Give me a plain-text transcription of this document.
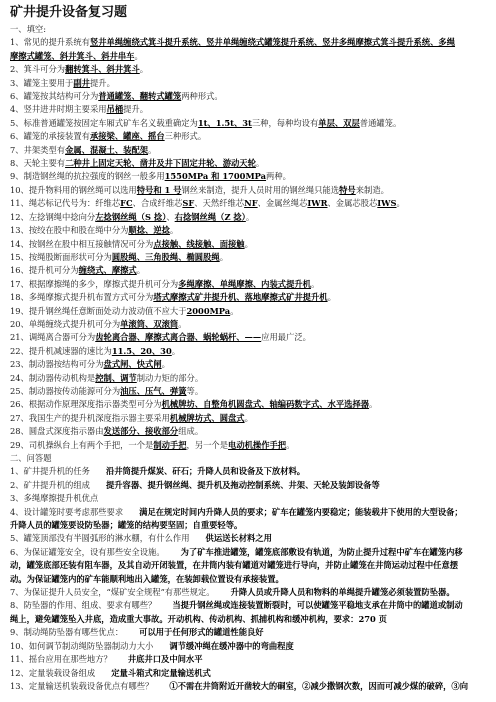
矿井提升设备复习题
一、填空:
1、常见的提升系统有竖井单绳缠绕式箕斗提升系统、竖井单绳缠绕式罐笼提升系统、竖井多绳摩擦式箕斗提升系统、多绳
摩擦式罐笼、斜井箕斗、斜井串车。
2、箕斗可分为翻转箕斗、斜井箕斗。
3、罐笼主要用于副井提升。
6、罐笼按其结构可分为普通罐笼、翻转式罐笼两种形式。
4、竖井进井时期主要采用吊桶提升。
5、标准普通罐笼按固定车厢式矿车名义载重确定为1t、1.5t、3t三种，每种均设有单层、双层普通罐笼。
6、罐笼的承接装置有承接梁、罐座、摇台三种形式。
7、井架类型有金属、混凝土、装配架。
8、天轮主要有二种井上固定天轮、凿井及井下固定井轮、游动天轮。
9、制造钢丝绳的抗拉强度的钢丝一般多用1550MPa 和 1700MPa两种。
10、提升物料用的钢丝绳可以选用特号和 1 号钢丝来制造，提升人员时用的钢丝绳只能选特号来制造。
11、绳芯标记代号为：纤维芯FC、合成纤维芯SF、天然纤维芯NF、金属丝绳芯IWR、金属芯股芯IWS。
12、左捻钢绳中捻向分左捻钢丝绳（S 捻）、右捻钢丝绳（Z 捻）。
13、按绞在股中和股在绳中分为顺捻、逆捻。
14、按钢丝在股中相互接触情况可分为点接触、线接触、面接触。
15、按绳股断面形状可分为圆股绳、三角股绳、椭圆股绳。
16、提升机可分为缠绕式、摩擦式。
17、根据摩擦绳的多少，摩擦式提升机可分为多绳摩擦、单绳摩擦、内装式提升机。
18、多绳摩擦式提升机布置方式可分为塔式摩擦式矿井提升机、落地摩擦式矿井提升机。
19、提升钢丝绳任意断面处动力波动值不应大于2000MPa。
20、单绳缠绕式提升机可分为单滚筒、双滚筒。
21、调绳离合器可分为齿轮离合器、摩擦式离合器、蜗轮蜗杆、——应用最广泛。
22、提升机减速器的速比为11.5、20、30。
23、制动器按结构可分为盘式闸、快式闸。
24、制动器传动机构是控制、调节制动力矩的部分。
25、制动器按传动能源可分为油压、压气、弹簧等。
26、根据动作原理深度指示器类型可分为机械牌坊、自整角机圆盘式、轴编码数字式、水平选择器。
27、我国生产的提升机深度指示器主要采用机械牌坊式、圆盘式。
28、圆盘式深度指示器由发送部分、接收部分组成。
29、司机操纵台上有两个手把，一个是制动手把，另一个是电动机操作手把。
二、问答题
1、矿井提升机的任务 沿井筒提升煤炭、矸石；升降人员和设备及下放材料。
2、矿井提升机的组成 提升容器、提升钢丝绳、提升机及拖动控制系统、井架、天轮及装卸设备等
3、多绳摩擦提升机优点
4、设计罐笼时要考虑那些要求 满足在规定时间内升降人员的要求；矿车在罐笼内要稳定；能装载井下使用的大型设备；
升降人员的罐笼要设防坠器；罐笼的结构要坚固；自重要轻等。
5、罐笼顶部没有半圆弧形的淋水棚，有什么作用 供运送长材料之用
6、为保证罐笼安全，设有那些安全设施。 为了矿车推进罐笼，罐笼底部敷设有轨道，为防止提升过程中矿车在罐笼内移
动，罐笼底部还装有阻车器，及其自动开闭装置，在井筒内装有罐道对罐笼进行导向，并防止罐笼在井筒运动过程中任意摆
动。为保证罐笼内的矿车能顺利地出入罐笼，在装卸载位置设有承接装置。
7、为保证提升人员安全，“煤矿安全规程”有那些规定。 升降人员或升降人员和物料的单绳提升罐笼必须装置防坠器。
8、防坠器的作用、组成、要求有哪些？ 当提升钢丝绳或连接装置断裂时，可以使罐笼平稳地支承在井筒中的罐道或制动
绳上，避免罐笼坠入井底，造成重大事故。开动机构、传动机构、抓捕机构和缓冲机构，要求：270 页
9、制动绳防坠器有哪些优点： 可以用于任何形式的罐道性能良好
10、如何调节制动绳防坠器制动力大小 调节缓冲绳在缓冲器中的弯曲程度
11、摇台应用在那些地方？ 井底井口及中间水平
12、定量装载设备组成 定量斗箱式和定量输送机式
13、定量输送机装载设备优点有哪些？ ①不需在井筒附近开凿较大的硐室，②减少撒钢次数，因而可减少煤的破碎，③向
